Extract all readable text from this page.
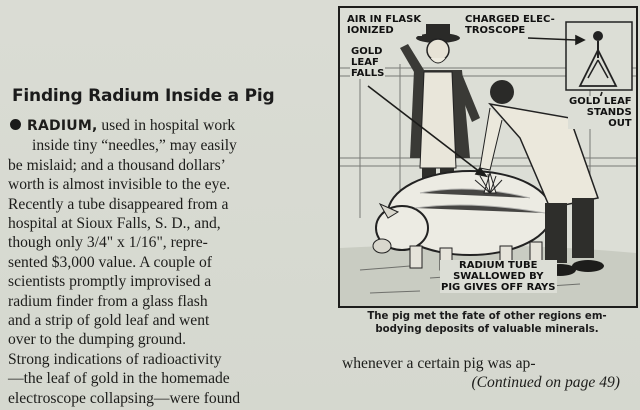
Finding Radium Inside a Pig
RADIUM, used in hospital work
inside tiny “needles,” may easily
be mislaid; and a thousand dollars’
worth is almost invisible to the eye.
Recently a tube disappeared from a
hospital at Sioux Falls, S. D., and,
though only 3/4" x 1/16", repre-
sented $3,000 value. A couple of
scientists promptly improvised a
radium finder from a glass flash
and a strip of gold leaf and went
over to the dumping ground.
Strong indications of radioactivity
—the leaf of gold in the homemade
electroscope collapsing—were found
AIR IN FLASK
IONIZED
GOLD
LEAF
FALLS
CHARGED ELEC-
TROSCOPE
GOLD LEAF
STANDS
OUT
RADIUM TUBE
SWALLOWED BY
PIG GIVES OFF RAYS
The pig met the fate of other regions em-
bodying deposits of valuable minerals.
whenever a certain pig was ap-
(Continued on page 49)
